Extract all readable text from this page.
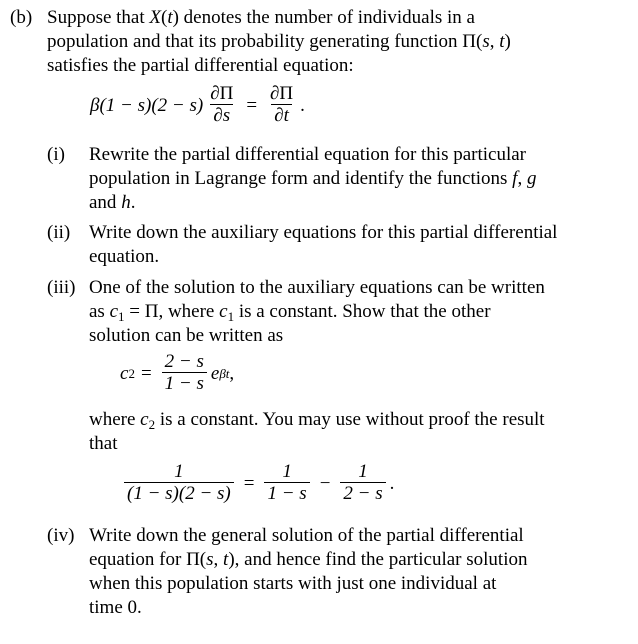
(b) Suppose that X(t) denotes the number of individuals in a
population and that its probability generating function Π(s, t)
satisfies the partial differential equation:
$\beta(1 - s)(2 - s) \frac{\partial\Pi}{\partial s} = \frac{\partial\Pi}{\partial t}$ .
(i) Rewrite the partial differential equation for this particular
population in Lagrange form and identify the functions f, g
and h.
(ii) Write down the auxiliary equations for this partial differential
equation.
(iii) One of the solution to the auxiliary equations can be written
as $c_1 = \Pi$, where $c_1$ is a constant. Show that the other
solution can be written as
where $c_2$ is a constant. You may use without proof the result
that
(iv) Write down the general solution of the partial differential
equation for Π(s, t), and hence find the particular solution
when this population starts with just one individual at
time 0.
c $2 = \frac{2 - s}{1 - s}$ e βt ,
$\frac{1}{(1 - s)(2 - s)} = \frac{1}{1 - s} - \frac{1}{2 - s}$ .
